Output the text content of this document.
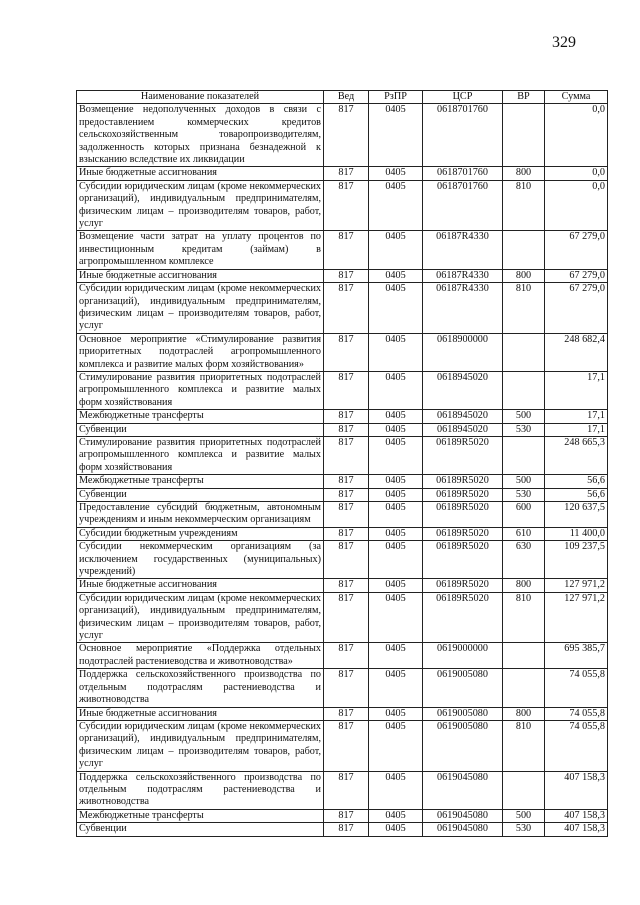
329
Наименование показателей	Вед	РзПР	ЦСР	ВР	Сумма
Возмещение недополученных доходов в связи с предоставлением коммерческих кредитов сельскохозяйственным товаропроизводителям, задолженность которых признана безнадежной к взысканию вследствие их ликвидации	817	0405	0618701760		0,0
Иные бюджетные ассигнования	817	0405	0618701760	800	0,0
Субсидии юридическим лицам (кроме некоммерческих организаций), индивидуальным предпринимателям, физическим лицам – производителям товаров, работ, услуг	817	0405	0618701760	810	0,0
Возмещение части затрат на уплату процентов по инвестиционным кредитам (займам) в агропромышленном комплексе	817	0405	06187R4330		67 279,0
Иные бюджетные ассигнования	817	0405	06187R4330	800	67 279,0
Субсидии юридическим лицам (кроме некоммерческих организаций), индивидуальным предпринимателям, физическим лицам – производителям товаров, работ, услуг	817	0405	06187R4330	810	67 279,0
Основное мероприятие «Стимулирование развития приоритетных подотраслей агропромышленного комплекса и развитие малых форм хозяйствования»	817	0405	0618900000		248 682,4
Стимулирование развития приоритетных подотраслей агропромышленного комплекса и развитие малых форм хозяйствования	817	0405	0618945020		17,1
Межбюджетные трансферты	817	0405	0618945020	500	17,1
Субвенции	817	0405	0618945020	530	17,1
Стимулирование развития приоритетных подотраслей агропромышленного комплекса и развитие малых форм хозяйствования	817	0405	06189R5020		248 665,3
Межбюджетные трансферты	817	0405	06189R5020	500	56,6
Субвенции	817	0405	06189R5020	530	56,6
Предоставление субсидий бюджетным, автономным учреждениям и иным некоммерческим организациям	817	0405	06189R5020	600	120 637,5
Субсидии бюджетным учреждениям	817	0405	06189R5020	610	11 400,0
Субсидии некоммерческим организациям (за исключением государственных (муниципальных) учреждений)	817	0405	06189R5020	630	109 237,5
Иные бюджетные ассигнования	817	0405	06189R5020	800	127 971,2
Субсидии юридическим лицам (кроме некоммерческих организаций), индивидуальным предпринимателям, физическим лицам – производителям товаров, работ, услуг	817	0405	06189R5020	810	127 971,2
Основное мероприятие «Поддержка отдельных подотраслей растениеводства и животноводства»	817	0405	0619000000		695 385,7
Поддержка сельскохозяйственного производства по отдельным подотраслям растениеводства и животноводства	817	0405	0619005080		74 055,8
Иные бюджетные ассигнования	817	0405	0619005080	800	74 055,8
Субсидии юридическим лицам (кроме некоммерческих организаций), индивидуальным предпринимателям, физическим лицам – производителям товаров, работ, услуг	817	0405	0619005080	810	74 055,8
Поддержка сельскохозяйственного производства по отдельным подотраслям растениеводства и животноводства	817	0405	0619045080		407 158,3
Межбюджетные трансферты	817	0405	0619045080	500	407 158,3
Субвенции	817	0405	0619045080	530	407 158,3
